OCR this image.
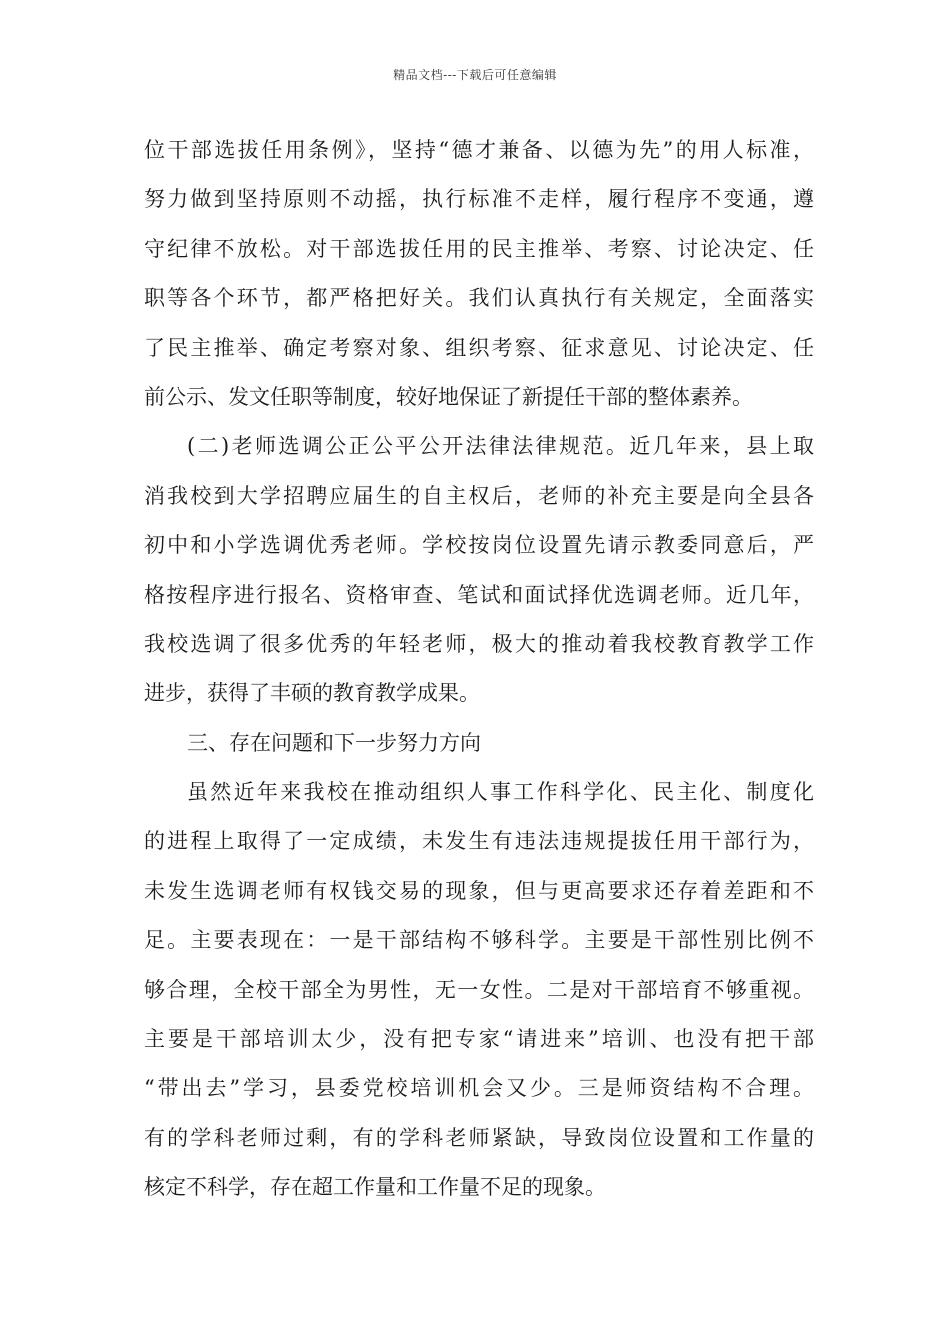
精品文档---下载后可任意编辑
位干部选拔任用条例》，坚持“德才兼备、以德为先”的用人标准，
努力做到坚持原则不动摇，执行标准不走样，履行程序不变通，遵
守纪律不放松。对干部选拔任用的民主推举、考察、讨论决定、任
职等各个环节，都严格把好关。我们认真执行有关规定，全面落实
了民主推举、确定考察对象、组织考察、征求意见、讨论决定、任
前公示、发文任职等制度，较好地保证了新提任干部的整体素养。
(二)老师选调公正公平公开法律法律规范。近几年来，县上取
消我校到大学招聘应届生的自主权后，老师的补充主要是向全县各
初中和小学选调优秀老师。学校按岗位设置先请示教委同意后，严
格按程序进行报名、资格审查、笔试和面试择优选调老师。近几年，
我校选调了很多优秀的年轻老师，极大的推动着我校教育教学工作
进步，获得了丰硕的教育教学成果。
三、存在问题和下一步努力方向
虽然近年来我校在推动组织人事工作科学化、民主化、制度化
的进程上取得了一定成绩，未发生有违法违规提拔任用干部行为，
未发生选调老师有权钱交易的现象，但与更高要求还存着差距和不
足。主要表现在：一是干部结构不够科学。主要是干部性别比例不
够合理，全校干部全为男性，无一女性。二是对干部培育不够重视。
主要是干部培训太少，没有把专家“请进来”培训、也没有把干部
“带出去”学习，县委党校培训机会又少。三是师资结构不合理。
有的学科老师过剩，有的学科老师紧缺，导致岗位设置和工作量的
核定不科学，存在超工作量和工作量不足的现象。
